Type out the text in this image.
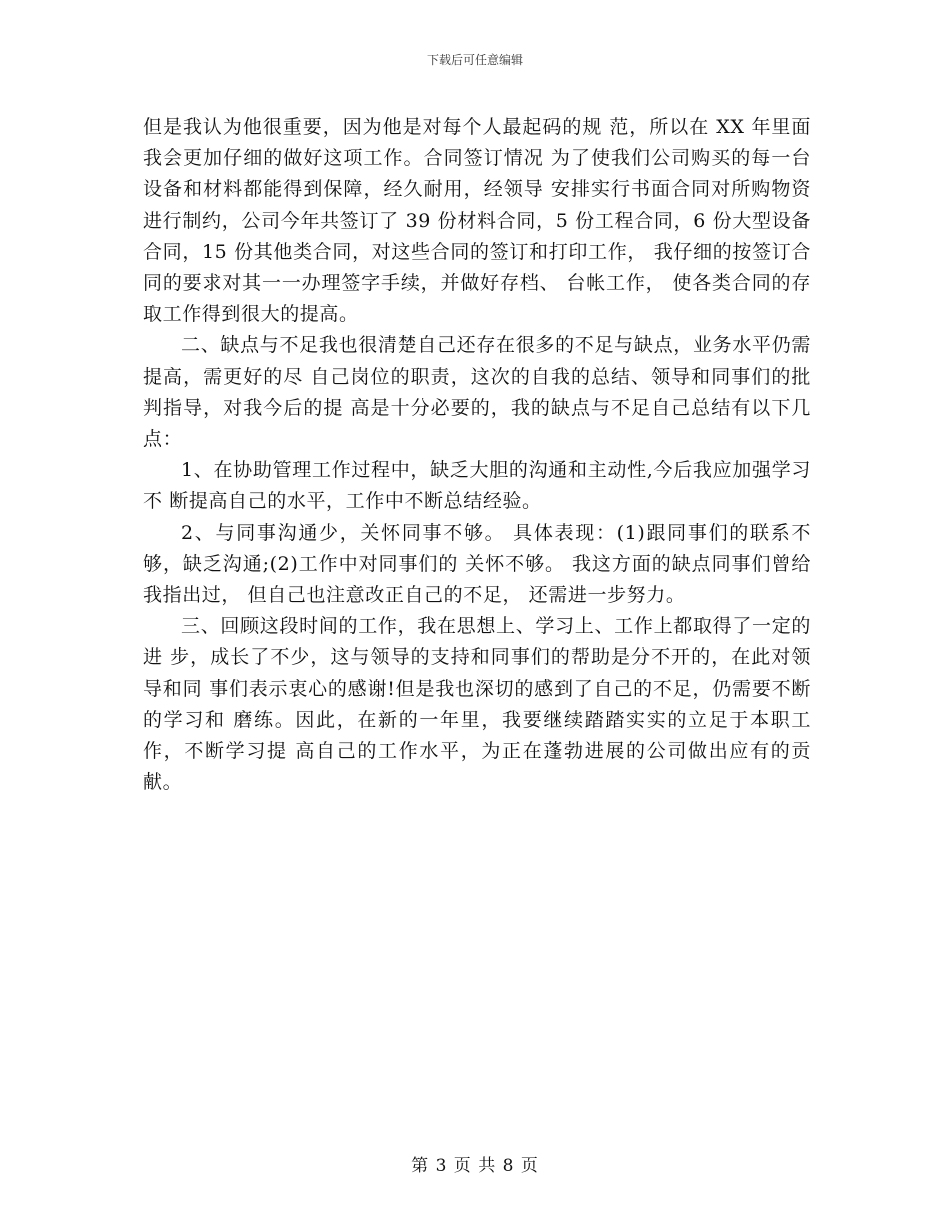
下载后可任意编辑

但是我认为他很重要，因为他是对每个人最起码的规 范，所以在 XX 年里面我会更加仔细的做好这项工作。合同签订情况 为了使我们公司购买的每一台设备和材料都能得到保障，经久耐用，经领导 安排实行书面合同对所购物资进行制约，公司今年共签订了 39 份材料合同，5 份工程合同，6 份大型设备合同，15 份其他类合同，对这些合同的签订和打印工作， 我仔细的按签订合同的要求对其一一办理签字手续，并做好存档、 台帐工作， 使各类合同的存取工作得到很大的提高。

二、缺点与不足我也很清楚自己还存在很多的不足与缺点，业务水平仍需提高，需更好的尽 自己岗位的职责，这次的自我的总结、领导和同事们的批判指导，对我今后的提 高是十分必要的，我的缺点与不足自己总结有以下几点：

1、在协助管理工作过程中，缺乏大胆的沟通和主动性,今后我应加强学习不 断提高自己的水平，工作中不断总结经验。

2、与同事沟通少，关怀同事不够。 具体表现：(1)跟同事们的联系不够，缺乏沟通;(2)工作中对同事们的 关怀不够。 我这方面的缺点同事们曾给我指出过， 但自己也注意改正自己的不足， 还需进一步努力。

三、回顾这段时间的工作，我在思想上、学习上、工作上都取得了一定的进 步，成长了不少，这与领导的支持和同事们的帮助是分不开的，在此对领导和同 事们表示衷心的感谢!但是我也深切的感到了自己的不足，仍需要不断的学习和 磨练。因此，在新的一年里，我要继续踏踏实实的立足于本职工作，不断学习提 高自己的工作水平，为正在蓬勃进展的公司做出应有的贡献。

第 3 页 共 8 页
